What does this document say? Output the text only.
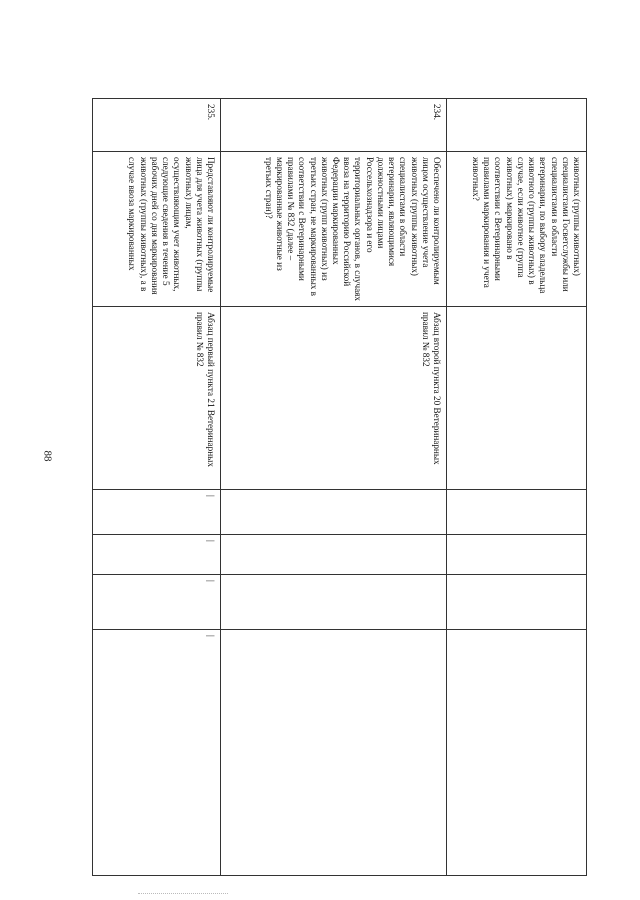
88
	животных (группы животных) специалистами Госветслужбы или специалистами в области ветеринарии, по выбору владельца животного (группы животных) в случае, если животное (группа животных) маркировано в соответствии с Ветеринарными правилами маркирования и учета животных?					
234.	Обеспечено ли контролируемым лицом осуществление учета животных (группы животных) специалистами в области ветеринарии, являющимися должностными лицами Россельхознадзора и его территориальных органов, в случаях ввоза на территорию Российской Федерации маркированных животных (групп животных) из третьих стран, не маркированных в соответствии с Ветеринарными правилами № 832 (далее – маркированные животные из третьих стран)?	Абзац второй пункта 20 Ветеринарных правил № 832				
235.	Представляют ли контролируемые лица для учета животных (группы животных) лицам, осуществляющим учет животных, следующие сведения в течение 5 рабочих дней со дня маркирования животных (группы животных), а в случае ввоза маркированных	Абзац первый пункта 21 Ветеринарных правил № 832	|	|	|	|
